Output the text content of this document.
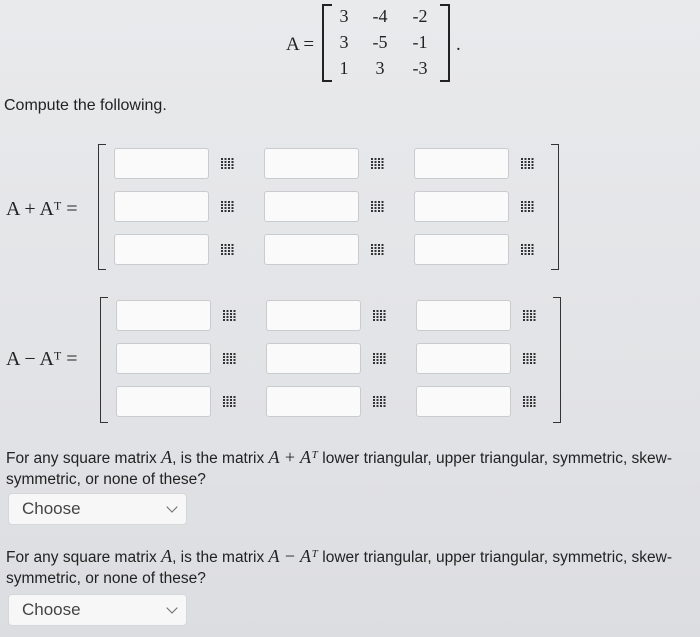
A =
3	-4	-2
3	-5	-1
1	3	-3
.
Compute the following.
A + Aᵀ =
A − Aᵀ =
For any square matrix A, is the matrix A + Aᵀ lower triangular, upper triangular, symmetric, skew-symmetric, or none of these?
Choose
For any square matrix A, is the matrix A − Aᵀ lower triangular, upper triangular, symmetric, skew-symmetric, or none of these?
Choose
